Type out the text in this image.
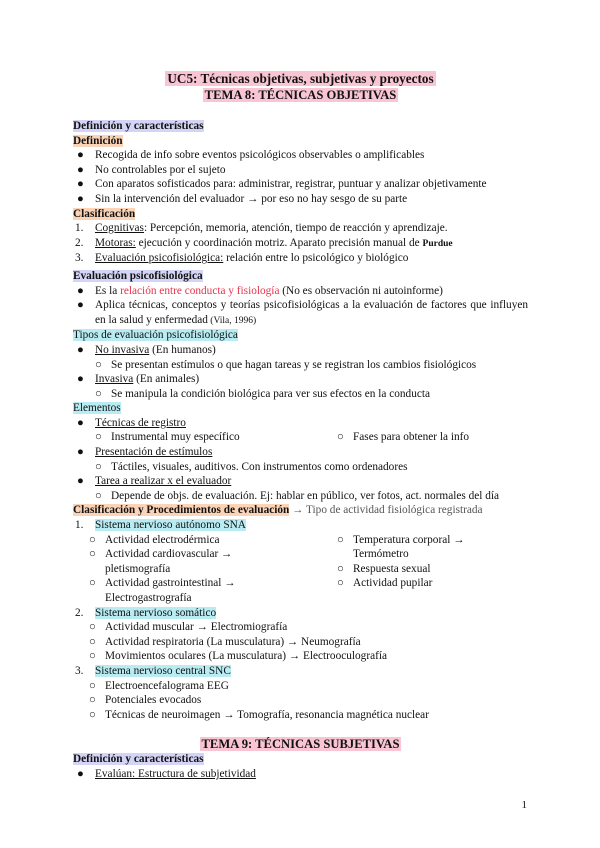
UC5: Técnicas objetivas, subjetivas y proyectos
TEMA 8: TÉCNICAS OBJETIVAS
Definición y características
Definición
● Recogida de info sobre eventos psicológicos observables o amplificables
● No controlables por el sujeto
● Con aparatos sofisticados para: administrar, registrar, puntuar y analizar objetivamente
● Sin la intervención del evaluador → por eso no hay sesgo de su parte
Clasificación
1.	Cognitivas: Percepción, memoria, atención, tiempo de reacción y aprendizaje.
2.	Motoras: ejecución y coordinación motriz. Aparato precisión manual de Purdue
3.	Evaluación psicofisiológica: relación entre lo psicológico y biológico
Evaluación psicofisiológica
● Es la relación entre conducta y fisiología (No es observación ni autoinforme)
● Aplica técnicas, conceptos y teorías psicofisiológicas a la evaluación de factores que influyen en la salud y enfermedad (Vila, 1996)
Tipos de evaluación psicofisiológica
● No invasiva (En humanos)
○ Se presentan estímulos o que hagan tareas y se registran los cambios fisiológicos
● Invasiva (En animales)
○ Se manipula la condición biológica para ver sus efectos en la conducta
Elementos
● Técnicas de registro
○ Instrumental muy específico	○ Fases para obtener la info
● Presentación de estímulos
○ Táctiles, visuales, auditivos. Con instrumentos como ordenadores
● Tarea a realizar x el evaluador
○ Depende de objs. de evaluación. Ej: hablar en público, ver fotos, act. normales del día
Clasificación y Procedimientos de evaluación → Tipo de actividad fisiológica registrada
1.	Sistema nervioso autónomo SNA
○ Actividad electrodérmica
○ Actividad cardiovascular → pletismografía
○ Actividad gastrointestinal → Electrogastrografía
○ Temperatura corporal → Termómetro
○ Respuesta sexual
○ Actividad pupilar
2.	Sistema nervioso somático
○ Actividad muscular → Electromiografía
○ Actividad respiratoria (La musculatura) → Neumografía
○ Movimientos oculares (La musculatura) → Electrooculografía
3.	Sistema nervioso central SNC
○ Electroencefalograma EEG
○ Potenciales evocados
○ Técnicas de neuroimagen → Tomografía, resonancia magnética nuclear
TEMA 9: TÉCNICAS SUBJETIVAS
Definición y características
● Evalúan: Estructura de subjetividad
1
